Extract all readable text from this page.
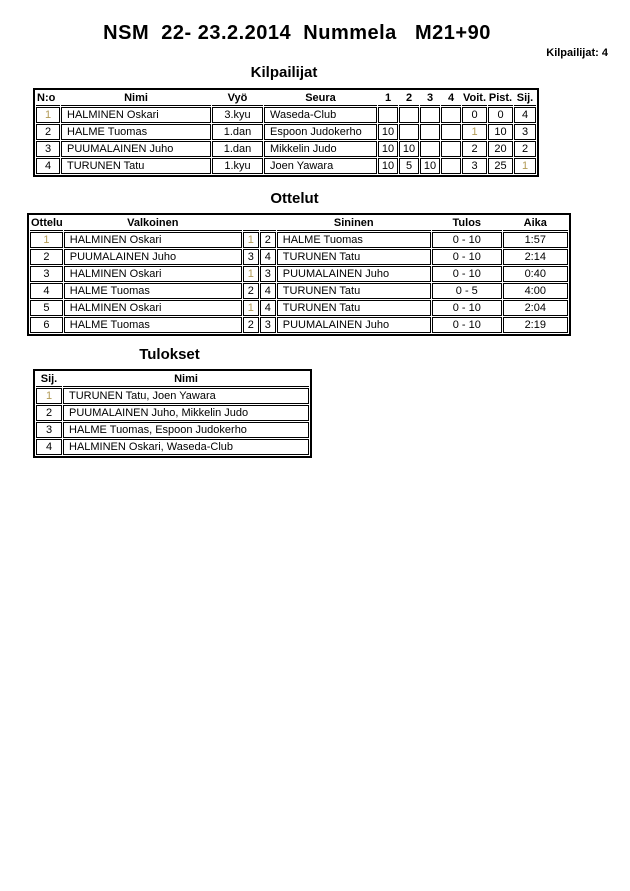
NSM  22- 23.2.2014  Nummela   M21+90
Kilpailijat: 4
Kilpailijat
N:o	Nimi	Vyö	Seura	1	2	3	4	Voit.	Pist.	Sij.
1	HALMINEN Oskari	3.kyu	Waseda-Club					0	0	4
2	HALME Tuomas	1.dan	Espoon Judokerho	10				1	10	3
3	PUUMALAINEN Juho	1.dan	Mikkelin Judo	10	10			2	20	2
4	TURUNEN Tatu	1.kyu	Joen Yawara	10	5	10		3	25	1
Ottelut
Ottelu	Valkoinen			Sininen	Tulos	Aika
1	HALMINEN Oskari	1	2	HALME Tuomas	0 - 10	1:57
2	PUUMALAINEN Juho	3	4	TURUNEN Tatu	0 - 10	2:14
3	HALMINEN Oskari	1	3	PUUMALAINEN Juho	0 - 10	0:40
4	HALME Tuomas	2	4	TURUNEN Tatu	0 - 5	4:00
5	HALMINEN Oskari	1	4	TURUNEN Tatu	0 - 10	2:04
6	HALME Tuomas	2	3	PUUMALAINEN Juho	0 - 10	2:19
Tulokset
Sij.	Nimi
1	TURUNEN Tatu, Joen Yawara
2	PUUMALAINEN Juho, Mikkelin Judo
3	HALME Tuomas, Espoon Judokerho
4	HALMINEN Oskari, Waseda-Club
